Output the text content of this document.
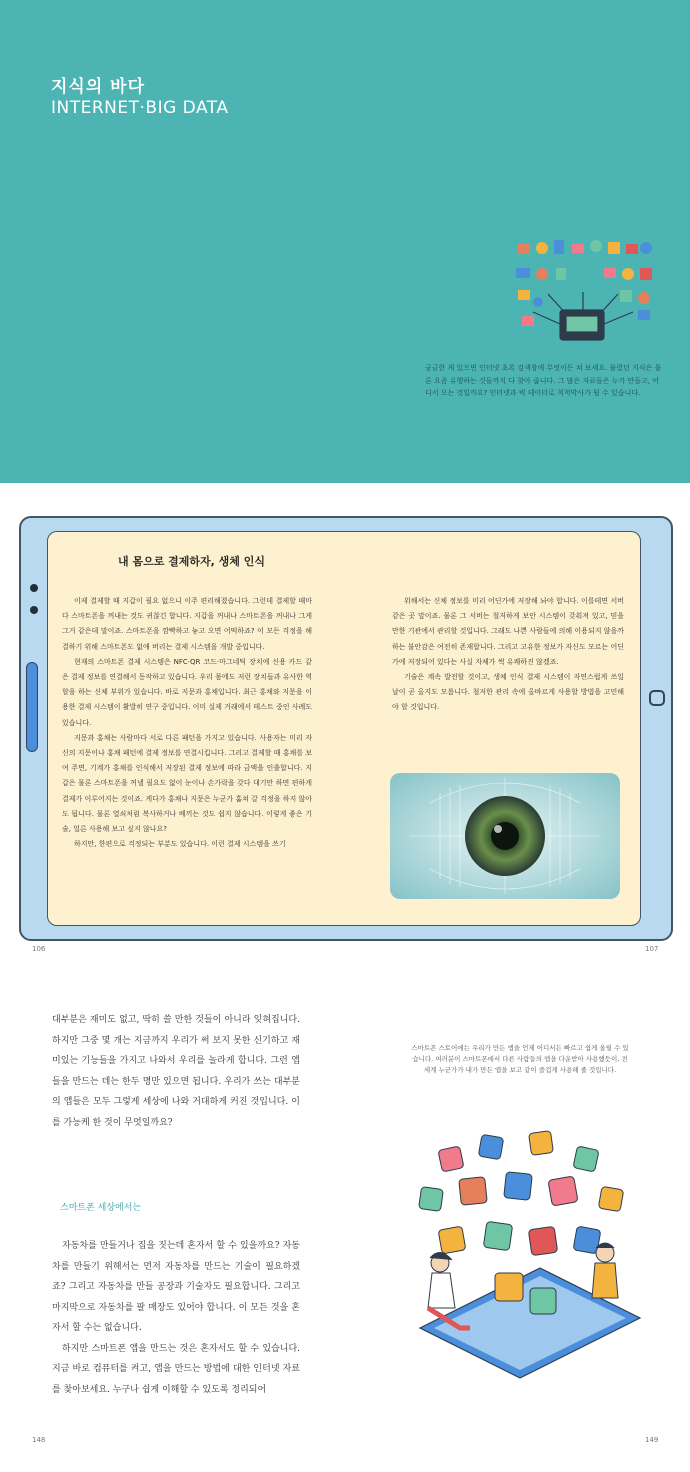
지식의 바다
INTERNET·BIG DATA
궁금한 게 있으면 인터넷 초록 검색창에 무엇이든 쳐 보세요. 물렸던 지식은 물론 요즘 유행하는 것들까지 다 찾아 줍니다. 그 많은 자료들은 누가 만들고, 어디서 오는 것일까요? 인터넷과 빅 데이터로 척척박사가 될 수 있습니다.
내 몸으로 결제하자, 생체 인식

이제 결제할 때 지갑이 필요 없으니 이주 편리해졌습니다. 그런데 결제할 때마다 스마트폰을 꺼내는 것도 귀찮긴 합니다. 지갑을 꺼내나 스마트폰을 꺼내나 그게 그거 같은데 말이죠. 스마트폰을 깜빡하고 놓고 오면 어떡하죠? 이 모든 걱정을 해결하기 위해 스마트폰도 없애 버리는 결제 시스템을 개발 중입니다.

현재의 스마트폰 결제 시스템은 NFC·QR 코드·마그네틱 장치에 신용 카드 같은 결제 정보를 연결해서 동작하고 있습니다. 우리 몸에도 저런 장치들과 유사한 역할을 하는 신체 부위가 있습니다. 바로 지문과 홍채입니다. 최근 홍채와 지문을 이용한 결제 시스템이 활발히 연구 중입니다. 이미 실제 거래에서 테스트 중인 사례도 있습니다.

지문과 홍채는 사람마다 서로 다른 패턴을 가지고 있습니다. 사용자는 미리 자신의 지문이나 홍채 패턴에 결제 정보를 연결시킵니다. 그리고 결제할 때 홍채를 보여 주면, 기계가 홍채를 인식해서 저장된 결제 정보에 따라 금액을 인출합니다. 지갑은 물론 스마트폰을 꺼낼 필요도 없이 눈이나 손가락을 갖다 대기만 하면 편하게 결제가 이루어지는 것이죠. 게다가 홍채나 지문은 누군가 훔쳐 갈 걱정을 하지 않아도 됩니다. 물론 열쇠처럼 복사하거나 베끼는 것도 쉽지 않습니다. 이렇게 좋은 기술, 얼른 사용해 보고 싶지 않나요?

하지만, 한편으로 걱정되는 부분도 있습니다. 이런 결제 시스템을 쓰기

위해서는 신체 정보를 미리 어딘가에 저장해 놔야 합니다. 이를테면 서버 같은 곳 말이죠. 물론 그 서버는 철저하게 보안 시스템이 갖춰져 있고, 믿을 만한 기관에서 관리할 것입니다. 그래도 나쁜 사람들에 의해 이용되지 않을까 하는 불안감은 여전히 존재합니다. 그리고 고유한 정보가 자신도 모르는 어딘가에 저장되어 있다는 사실 자체가 썩 유쾌하진 않겠죠.

기술은 계속 발전할 것이고, 생체 인식 결제 시스템이 자연스럽게 쓰일 날이 곧 올지도 모릅니다. 철저한 관리 속에 올바르게 사용할 방법을 고민해야 할 것입니다.

106	107

대부분은 재미도 없고, 딱히 쓸 만한 것들이 아니라 잊혀집니다. 하지만 그중 몇 개는 지금까지 우리가 써 보지 못한 신기하고 재미있는 기능들을 가지고 나와서 우리를 놀라게 합니다. 그런 앱들을 만드는 데는 한두 명만 있으면 됩니다. 우리가 쓰는 대부분의 앱들은 모두 그렇게 세상에 나와 거대하게 커진 것입니다. 이를 가능케 한 것이 무엇일까요?

스마트폰 세상에서는

자동차를 만들거나 집을 짓는데 혼자서 할 수 있을까요? 자동차를 만들기 위해서는 먼저 자동차를 만드는 기술이 필요하겠죠? 그리고 자동차를 만들 공장과 기술자도 필요합니다. 그리고 마지막으로 자동차를 팔 매장도 있어야 합니다. 이 모든 것을 혼자서 할 수는 없습니다.

하지만 스마트폰 앱을 만드는 것은 혼자서도 할 수 있습니다. 지금 바로 컴퓨터를 켜고, 앱을 만드는 방법에 대한 인터넷 자료를 찾아보세요. 누구나 쉽게 이해할 수 있도록 정리되어

스마트폰 스토어에는 우리가 만든 앱을 언제 어디서든 빠르고 쉽게 올릴 수 있습니다. 여러분이 스마트폰에서 다른 사람들의 앱을 다운받아 사용했듯이, 전 세계 누군가가 내가 만든 앱을 보고 같이 즐겁게 사용해 줄 것입니다.
148	149
